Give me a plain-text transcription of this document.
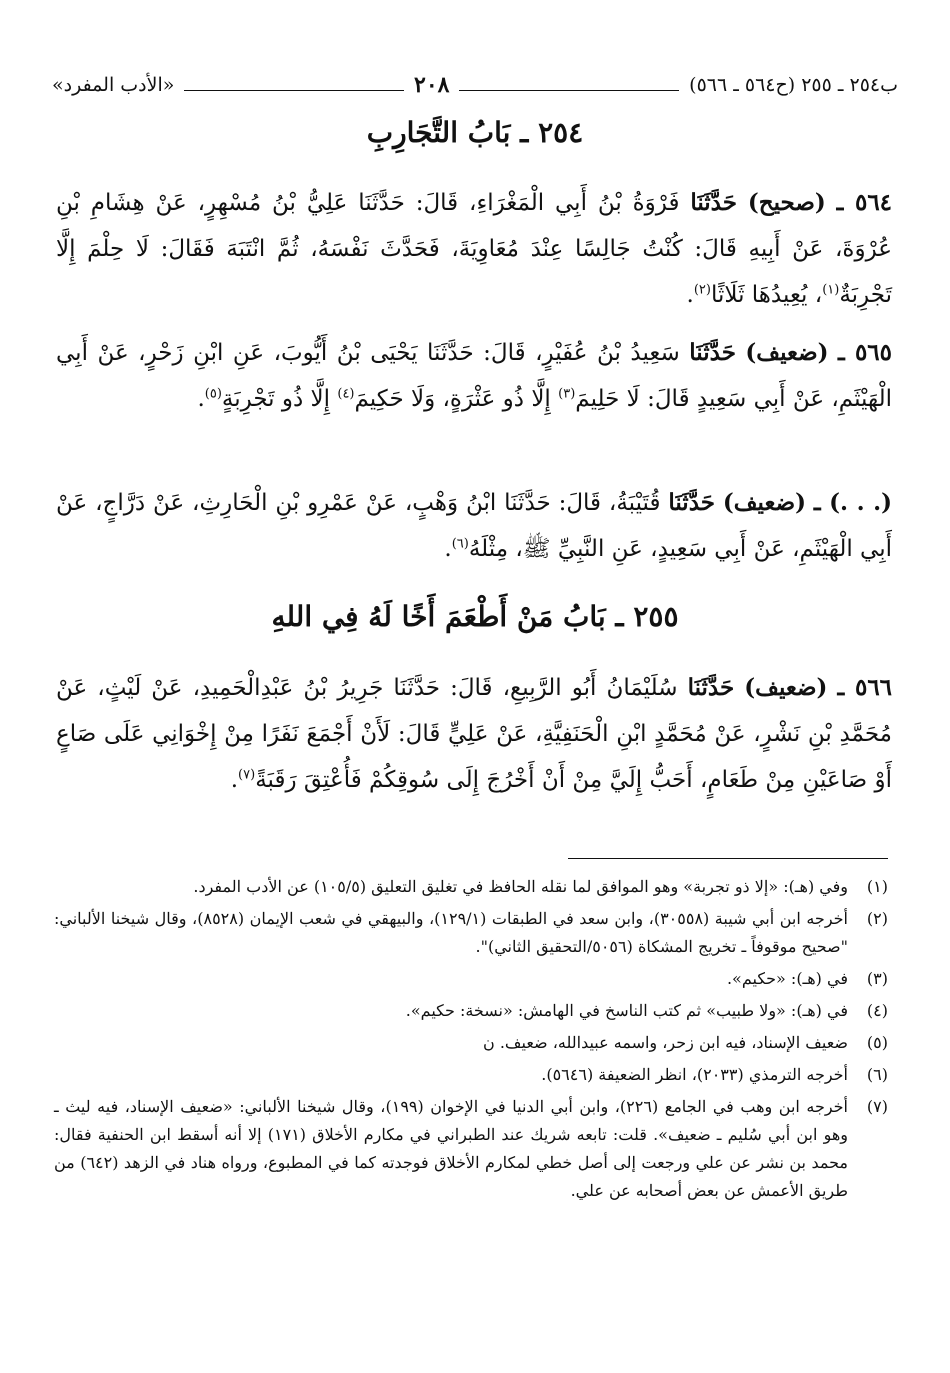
ب٢٥٤ ـ ٢٥٥ (ح٥٦٤ ـ ٥٦٦)
٢٠٨
«الأدب المفرد»
٢٥٤ ـ بَابُ التَّجَارِبِ
٥٦٤ ـ (صحيح) حَدَّثَنَا فَرْوَةُ بْنُ أَبِي الْمَغْرَاءِ، قَالَ: حَدَّثَنَا عَلِيُّ بْنُ مُسْهِرٍ، عَنْ هِشَامِ بْنِ عُرْوَةَ، عَنْ أَبِيهِ قَالَ: كُنْتُ جَالِسًا عِنْدَ مُعَاوِيَةَ، فَحَدَّثَ نَفْسَهُ، ثُمَّ انْتَبَهَ فَقَالَ: لَا حِلْمَ إِلَّا تَجْرِبَةٌ$^{(١)}$، يُعِيدُهَا ثَلَاثًا$^{(٢)}$.
٥٦٥ ـ (ضعيف) حَدَّثَنَا سَعِيدُ بْنُ عُفَيْرٍ، قَالَ: حَدَّثَنَا يَحْيَى بْنُ أَيُّوبَ، عَنِ ابْنِ زَحْرٍ، عَنْ أَبِي الْهَيْثَمِ، عَنْ أَبِي سَعِيدٍ قَالَ: لَا حَلِيمَ$^{(٣)}$ إِلَّا ذُو عَثْرَةٍ، وَلَا حَكِيمَ$^{(٤)}$ إِلَّا ذُو تَجْرِبَةٍ$^{(٥)}$.
(. . .) ـ (ضعيف) حَدَّثَنَا قُتَيْبَةُ، قَالَ: حَدَّثَنَا ابْنُ وَهْبٍ، عَنْ عَمْرِو بْنِ الْحَارِثِ، عَنْ دَرَّاجٍ، عَنْ أَبِي الْهَيْثَمِ، عَنْ أَبِي سَعِيدٍ، عَنِ النَّبِيِّ ﷺ، مِثْلَهُ$^{(٦)}$.
٢٥٥ ـ بَابُ مَنْ أَطْعَمَ أَخًا لَهُ فِي اللهِ
٥٦٦ ـ (ضعيف) حَدَّثَنَا سُلَيْمَانُ أَبُو الرَّبِيعِ، قَالَ: حَدَّثَنَا جَرِيرُ بْنُ عَبْدِالْحَمِيدِ، عَنْ لَيْثٍ، عَنْ مُحَمَّدِ بْنِ نَشْرٍ، عَنْ مُحَمَّدٍ ابْنِ الْحَنَفِيَّةِ، عَنْ عَلِيٍّ قَالَ: لَأَنْ أَجْمَعَ نَفَرًا مِنْ إِخْوَانِي عَلَى صَاعٍ أَوْ صَاعَيْنِ مِنْ طَعَامٍ، أَحَبُّ إِلَيَّ مِنْ أَنْ أَخْرُجَ إِلَى سُوقِكُمْ فَأُعْتِقَ رَقَبَةً$^{(٧)}$.
(١)
وفي (هـ): «إلا ذو تجربة» وهو الموافق لما نقله الحافظ في تغليق التعليق (١٠٥/٥) عن الأدب المفرد.
(٢)
أخرجه ابن أبي شيبة (٣٠٥٥٨)، وابن سعد في الطبقات (١٢٩/١)، والبيهقي في شعب الإيمان (٨٥٢٨)، وقال شيخنا الألباني: "صحيح موقوفاً ـ تخريج المشكاة (٥٠٥٦/التحقيق الثاني)".
(٣)
في (هـ): «حكيم».
(٤)
في (هـ): «ولا طبيب» ثم كتب الناسخ في الهامش: «نسخة: حكيم».
(٥)
ضعيف الإسناد، فيه ابن زحر، واسمه عبيدالله، ضعيف. ن
(٦)
أخرجه الترمذي (٢٠٣٣)، انظر الضعيفة (٥٦٤٦).
(٧)
أخرجه ابن وهب في الجامع (٢٢٦)، وابن أبي الدنيا في الإخوان (١٩٩)، وقال شيخنا الألباني: «ضعيف الإسناد، فيه ليث ـ وهو ابن أبي سُليم ـ ضعيف». قلت: تابعه شريك عند الطبراني في مكارم الأخلاق (١٧١) إلا أنه أسقط ابن الحنفية فقال: محمد بن نشر عن علي ورجعت إلى أصل خطي لمكارم الأخلاق فوجدته كما في المطبوع، ورواه هناد في الزهد (٦٤٢) من طريق الأعمش عن بعض أصحابه عن علي.
